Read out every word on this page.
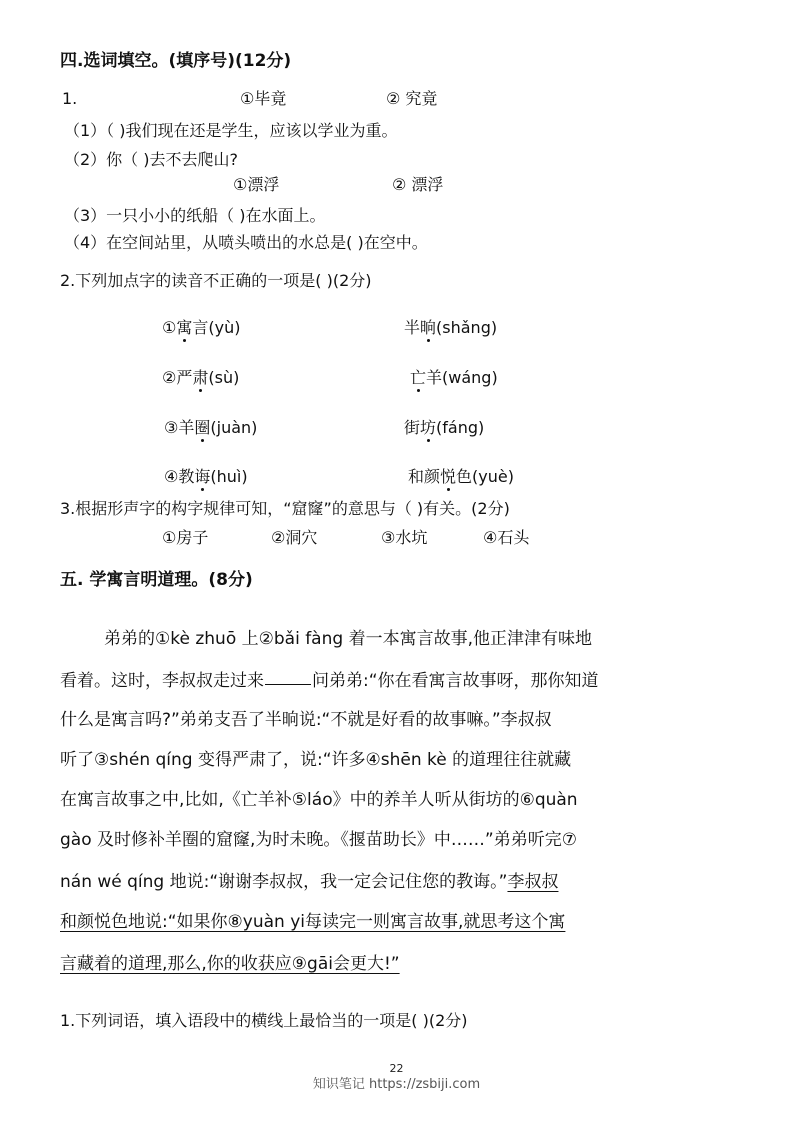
四.选词填空。(填序号)(12分)
1.	①毕竟	② 究竟
（1）（ )我们现在还是学生，应该以学业为重。
（2）你（ )去不去爬山?
①漂浮	② 漂浮
（3）一只小小的纸船（ )在水面上。
（4）在空间站里，从喷头喷出的水总是( )在空中。
2.下列加点字的读音不正确的一项是( )(2分)
①寓言(yù)	半晌(shǎng)
②严肃(sù)	亡羊(wáng)
③羊圈(juàn)	街坊(fáng)
④教诲(huì)	和颜悦色(yuè)
3.根据形声字的构字规律可知，“窟窿”的意思与（ )有关。(2分)
①房子	②洞穴	③水坑	④石头
五. 学寓言明道理。(8分)
弟弟的①kè zhuō 上②bǎi fàng 着一本寓言故事,他正津津有味地
看着。这时，李叔叔走过来	问弟弟:“你在看寓言故事呀，那你知道
什么是寓言吗?”弟弟支吾了半晌说:“不就是好看的故事嘛。”李叔叔
听了③shén qíng 变得严肃了，说:“许多④shēn kè 的道理往往就藏
在寓言故事之中,比如,《亡羊补⑤láo》中的养羊人听从街坊的⑥quàn
gào 及时修补羊圈的窟窿,为时未晚。《揠苗助长》中……”弟弟听完⑦
nán wé qíng 地说:“谢谢李叔叔，我一定会记住您的教诲。”李叔叔
和颜悦色地说:“如果你⑧yuàn yi每读完一则寓言故事,就思考这个寓
言藏着的道理,那么,你的收获应⑨gāi会更大!”
1.下列词语，填入语段中的横线上最恰当的一项是( )(2分)
22
知识笔记 https://zsbiji.com
